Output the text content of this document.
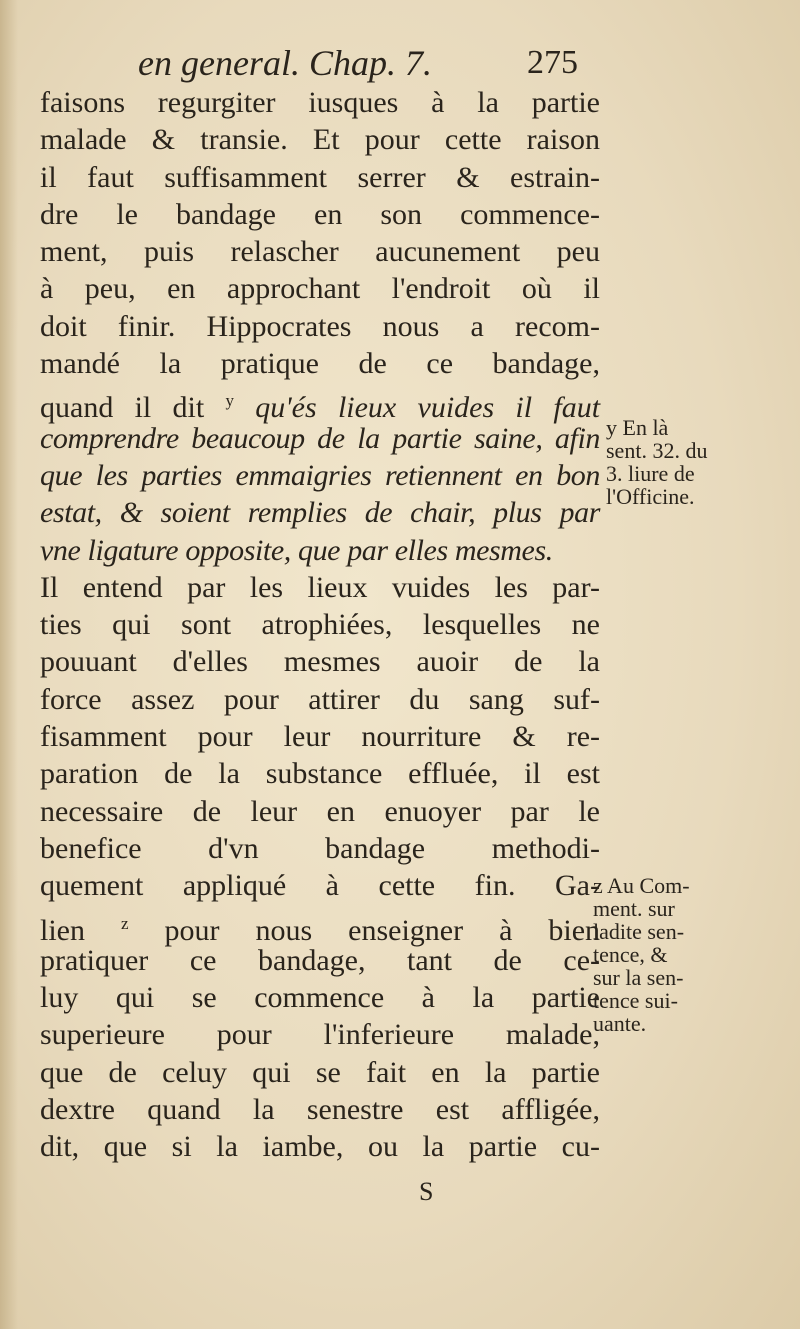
en general. Chap. 7.	275
faisons regurgiter iusques à la partie
malade & transie. Et pour cette raison
il faut suffisamment serrer & estrain-
dre le bandage en son commence-
ment, puis relascher aucunement peu
à peu, en approchant l'endroit où il
doit finir. Hippocrates nous a recom-
mandé la pratique de ce bandage,
quand il dit $^y$ qu'és lieux vuides il faut
comprendre beaucoup de la partie saine, afin
que les parties emmaigries retiennent en bon
estat, & soient remplies de chair, plus par
vne ligature opposite, que par elles mesmes.
Il entend par les lieux vuides les par-
ties qui sont atrophiées, lesquelles ne
pouuant d'elles mesmes auoir de la
force assez pour attirer du sang suf-
fisamment pour leur nourriture & re-
paration de la substance effluée, il est
necessaire de leur en enuoyer par le
benefice d'vn bandage methodi-
quement appliqué à cette fin. Ga-
lien $^z$ pour nous enseigner à bien
pratiquer ce bandage, tant de ce-
luy qui se commence à la partie
superieure pour l'inferieure malade,
que de celuy qui se fait en la partie
dextre quand la senestre est affligée,
dit, que si la iambe, ou la partie cu-
y En là
sent. 32. du
3. liure de
l'Officine.
z Au Com-
ment. sur
ladite sen-
tence, &
sur la sen-
tence sui-
uante.
S
